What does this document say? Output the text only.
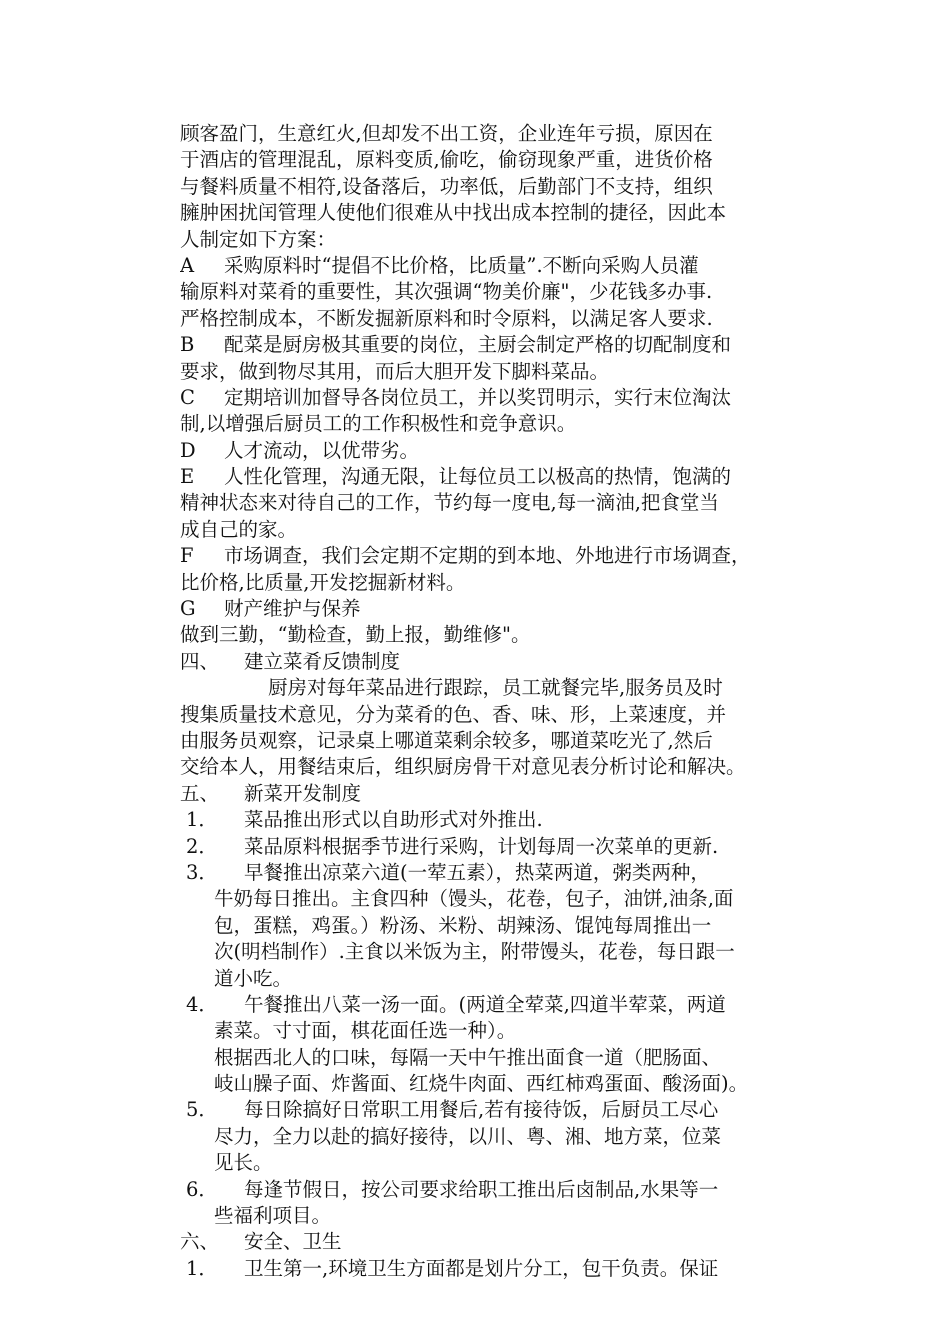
顾客盈门，生意红火,但却发不出工资，企业连年亏损，原因在
于酒店的管理混乱，原料变质,偷吃，偷窃现象严重，进货价格
与餐料质量不相符,设备落后，功率低，后勤部门不支持，组织
臃肿困扰闰管理人使他们很难从中找出成本控制的捷径，因此本
人制定如下方案：
A 采购原料时“提倡不比价格，比质量”.不断向采购人员灌
输原料对菜肴的重要性，其次强调“物美价廉"，少花钱多办事.
严格控制成本，不断发掘新原料和时令原料，以满足客人要求.
B 配菜是厨房极其重要的岗位，主厨会制定严格的切配制度和
要求，做到物尽其用，而后大胆开发下脚料菜品。
C 定期培训加督导各岗位员工，并以奖罚明示，实行末位淘汰
制,以增强后厨员工的工作积极性和竞争意识。
D 人才流动，以优带劣。
E 人性化管理，沟通无限，让每位员工以极高的热情，饱满的
精神状态来对待自己的工作，节约每一度电,每一滴油,把食堂当
成自己的家。
F 市场调查，我们会定期不定期的到本地、外地进行市场调查，
比价格,比质量,开发挖掘新材料。
G 财产维护与保养
做到三勤，“勤检查，勤上报，勤维修"。
四、 建立菜肴反馈制度
厨房对每年菜品进行跟踪，员工就餐完毕,服务员及时
搜集质量技术意见，分为菜肴的色、香、味、形，上菜速度，并
由服务员观察，记录桌上哪道菜剩余较多，哪道菜吃光了,然后
交给本人，用餐结束后，组织厨房骨干对意见表分析讨论和解决。
五、 新菜开发制度
1． 菜品推出形式以自助形式对外推出.
2． 菜品原料根据季节进行采购，计划每周一次菜单的更新.
3． 早餐推出凉菜六道(一荤五素），热菜两道，粥类两种，
牛奶每日推出。主食四种（馒头，花卷，包子，油饼,油条,面
包，蛋糕，鸡蛋。）粉汤、米粉、胡辣汤、馄饨每周推出一
次(明档制作）.主食以米饭为主，附带馒头，花卷，每日跟一
道小吃。
4． 午餐推出八菜一汤一面。(两道全荤菜,四道半荤菜，两道
素菜。寸寸面，棋花面任选一种）。
根据西北人的口味，每隔一天中午推出面食一道（肥肠面、
岐山臊子面、炸酱面、红烧牛肉面、西红柿鸡蛋面、酸汤面)。
5． 每日除搞好日常职工用餐后,若有接待饭，后厨员工尽心
尽力，全力以赴的搞好接待，以川、粤、湘、地方菜，位菜
见长。
6． 每逢节假日，按公司要求给职工推出后卤制品,水果等一
些福利项目。
六、 安全、卫生
1． 卫生第一,环境卫生方面都是划片分工，包干负责。保证
